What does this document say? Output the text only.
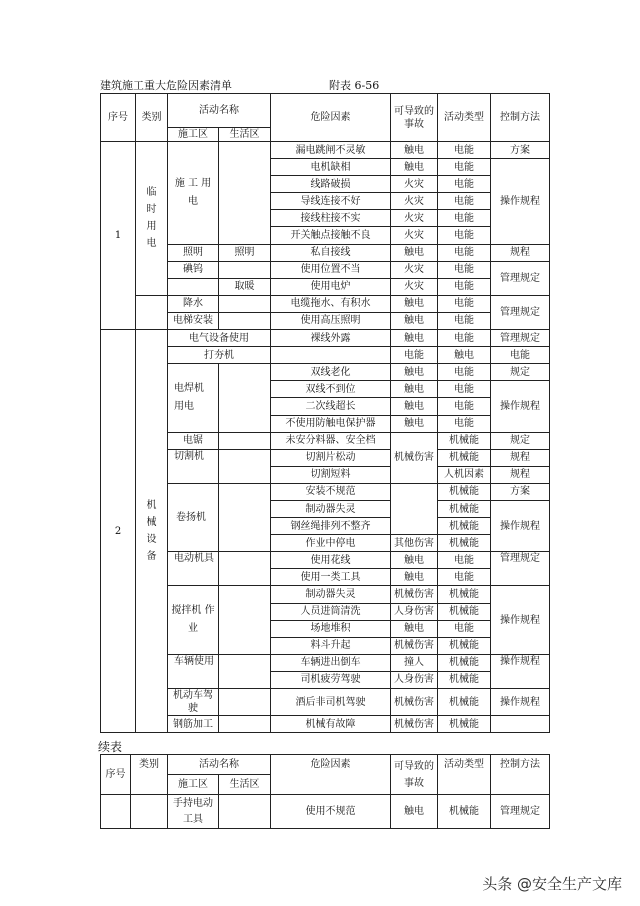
建筑施工重大危险因素清单	附表 6-56
序号	类别	活动名称		危险因素	可导致的事故	活动类型	控制方法
		施工区	生活区				
1	临时用电	施 工 用 电		漏电跳闸不灵敏	触电	电能	方案
				电机缺相	触电	电能	操作规程
				线路破损	火灾	电能	
				导线连接不好	火灾	电能	
				接线柱接不实	火灾	电能	
				开关触点接触不良	火灾	电能	
		照明	照明	私自接线	触电	电能	规程
		碘钨		使用位置不当	火灾	电能	管理规定
			取暖	使用电炉	火灾	电能	
		降水		电缆拖水、有积水	触电	电能	管理规定
		电梯安装		使用高压照明	触电	电能	
2	机械设备	电气设备使用		裸线外露	触电	电能	管理规定
		打夯机			电能	触电	电能
		电焊机 用电		双线老化	触电	电能	规定
				双线不到位	触电	电能	操作规程
				二次线超长	触电	电能	
				不使用防触电保护器	触电	电能	
		电锯		未安分料器、安全档	机械伤害	机械能	规定
		切割机		切割片松动		机械能	规程
				切割短料		人机因素	规程
		卷扬机		安装不规范		机械能	方案
				制动器失灵		机械能	操作规程
				钢丝绳排列不整齐		机械能	
				作业中停电	其他伤害	机械能	
		电动机具		使用花线	触电	电能	管理规定
				使用一类工具	触电	电能	
		搅拌机 作业		制动器失灵	机械伤害	机械能	操作规程
				人员进筒清洗	人身伤害	机械能	
				场地堆积	触电	电能	
				料斗升起	机械伤害	机械能	
		车辆使用		车辆进出倒车	撞人	机械能	操作规程
				司机疲劳驾驶	人身伤害	机械能	
		机动车驾驶		酒后非司机驾驶	机械伤害	机械能	操作规程
		钢筋加工		机械有故障	机械伤害	机械能	
续表
序号	类别	活动名称		危险因素	可导致的事故	活动类型	控制方法
		施工区	生活区				
		手持电动工具		使用不规范	触电	机械能	管理规定
头条 @安全生产文库
